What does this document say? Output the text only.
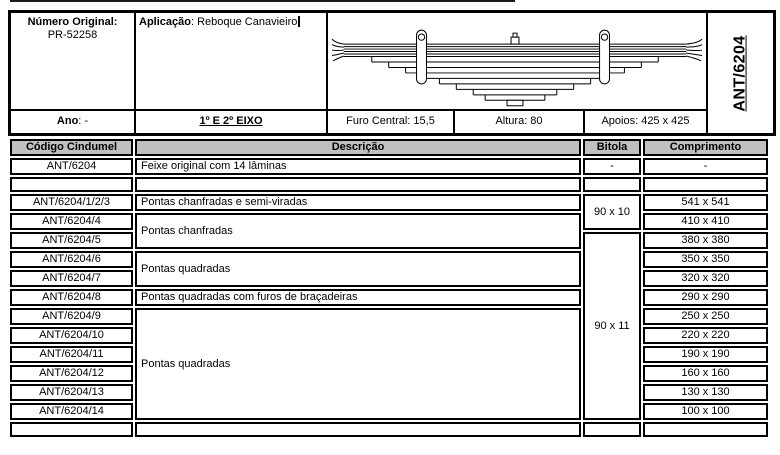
Número Original:
PR-52258
Aplicação: Reboque Canavieiro
ANT/6204
Ano: -	1º E 2º EIXO	Furo Central: 15,5	Altura: 80	Apoios: 425 x 425
Código Cindumel	Descrição	Bitola	Comprimento
ANT/6204	Feixe original com 14 lâminas	-	-

ANT/6204/1/2/3	Pontas chanfradas e semi-viradas	90 x 10	541 x 541
ANT/6204/4	Pontas chanfradas		410 x 410
ANT/6204/5		90 x 11	380 x 380
ANT/6204/6	Pontas quadradas		350 x 350
ANT/6204/7			320 x 320
ANT/6204/8	Pontas quadradas com furos de braçadeiras		290 x 290
ANT/6204/9	Pontas quadradas		250 x 250
ANT/6204/10			220 x 220
ANT/6204/11			190 x 190
ANT/6204/12			160 x 160
ANT/6204/13			130 x 130
ANT/6204/14			100 x 100
